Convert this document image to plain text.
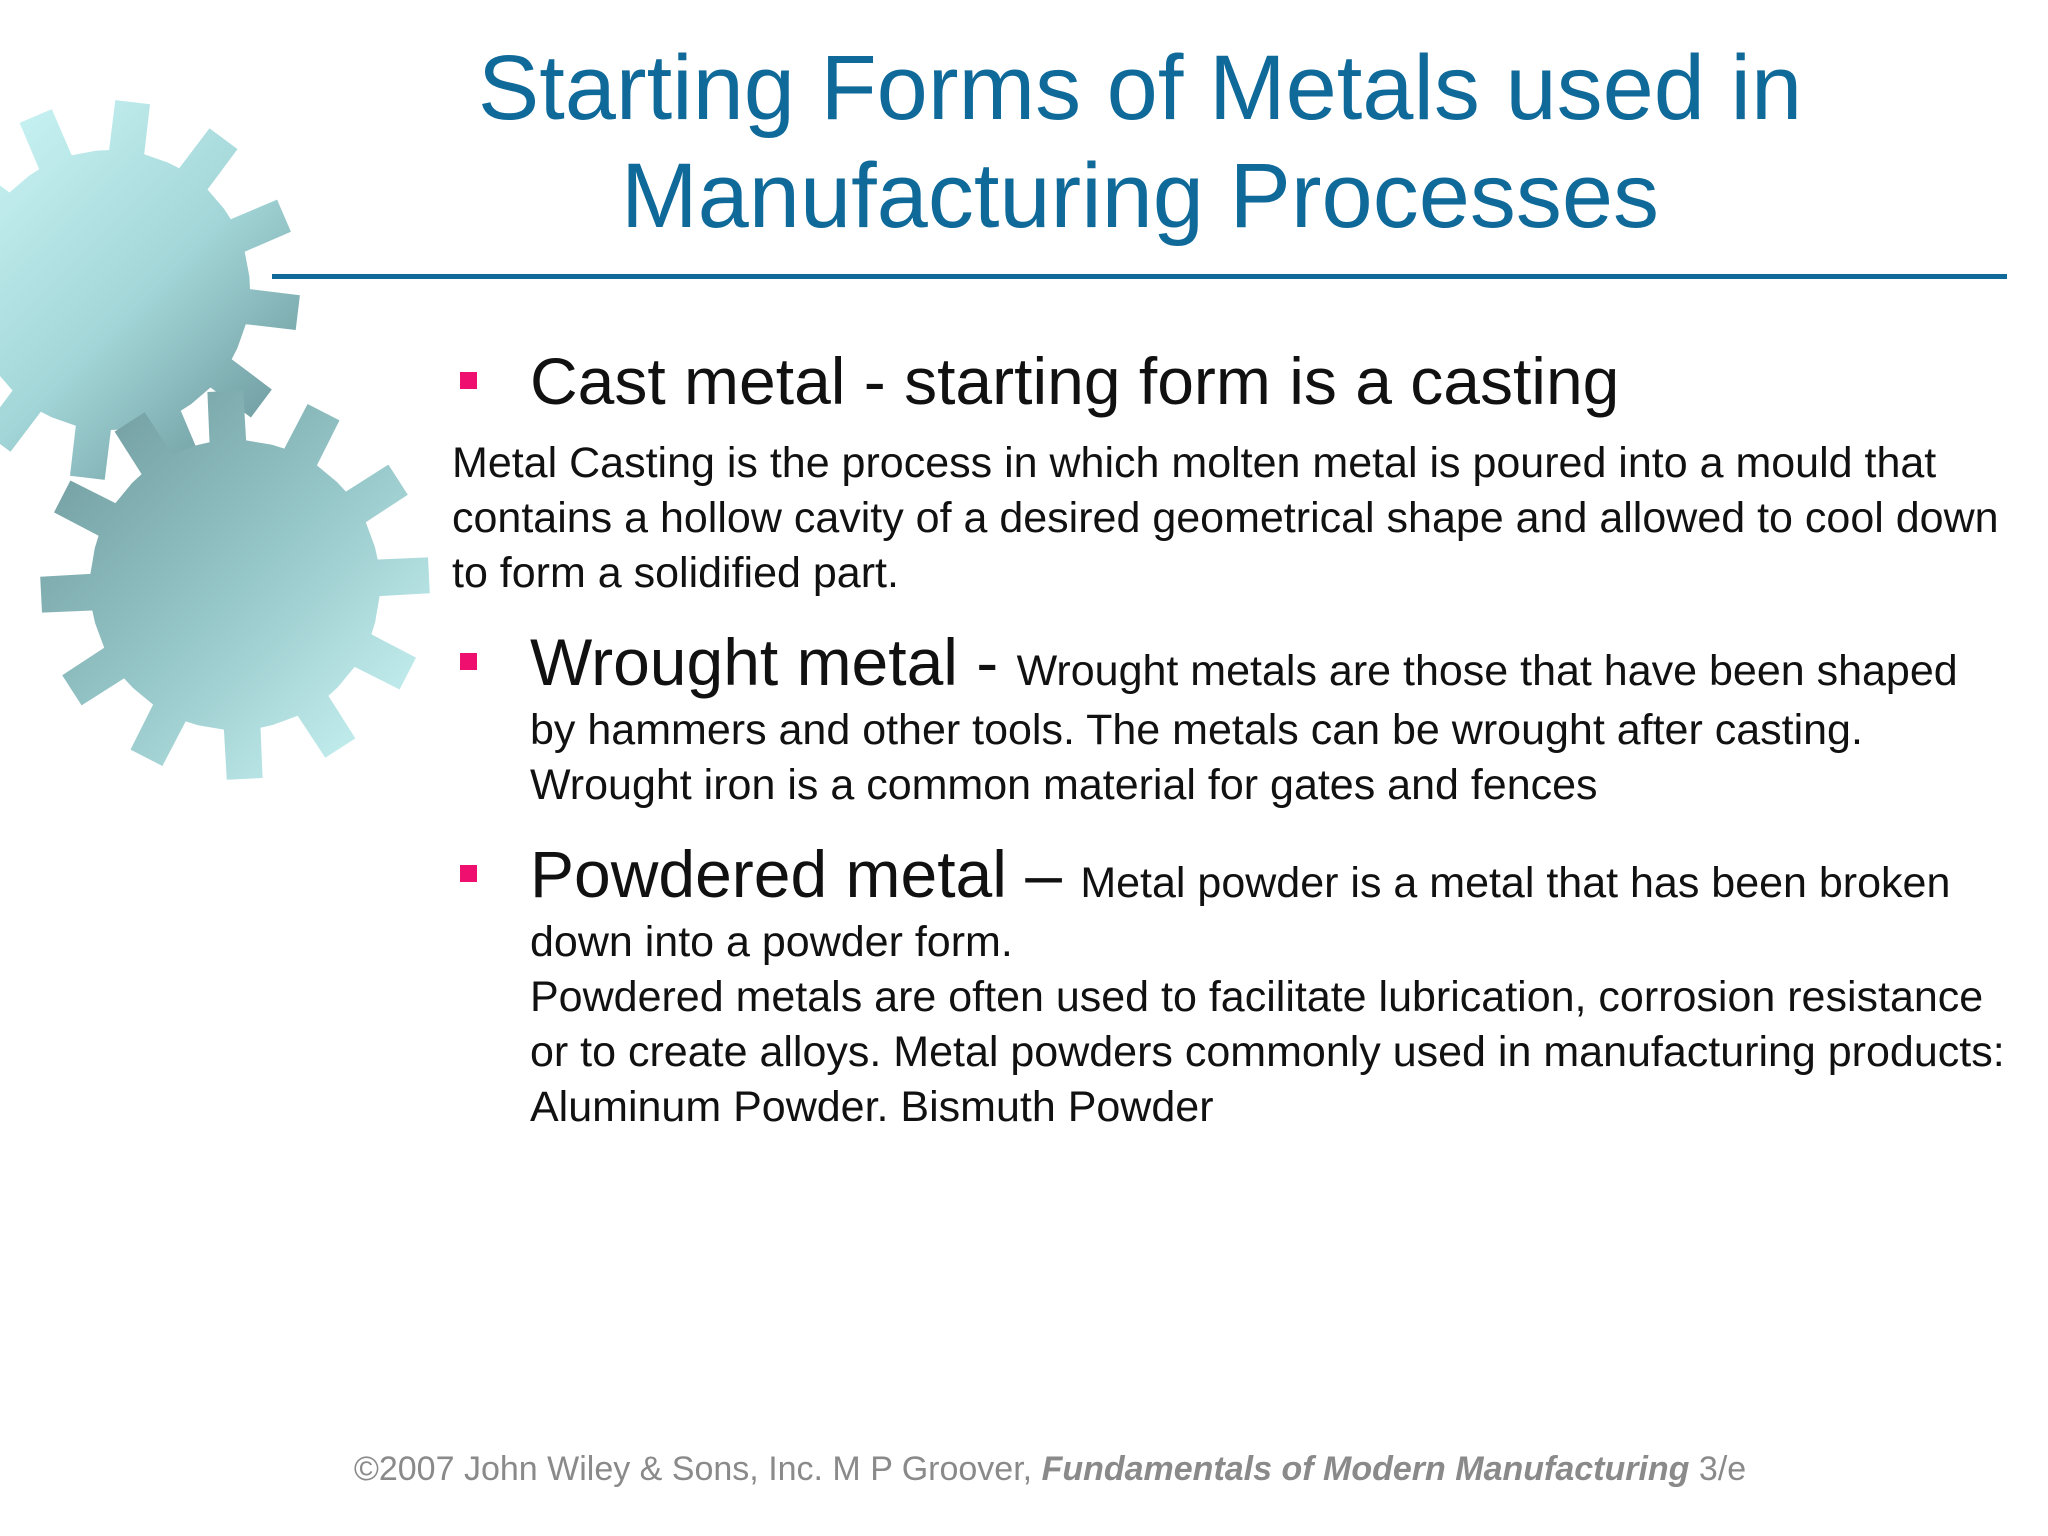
Starting Forms of Metals used in
Manufacturing Processes
Cast metal - starting form is a casting
Metal Casting is the process in which molten metal is poured into a mould that contains a hollow cavity of a desired geometrical shape and allowed to cool down to form a solidified part.
Wrought metal - Wrought metals are those that have been shaped by hammers and other tools. The metals can be wrought after casting. Wrought iron is a common material for gates and fences
Powdered metal – Metal powder is a metal that has been broken down into a powder form.
Powdered metals are often used to facilitate lubrication, corrosion resistance or to create alloys. Metal powders commonly used in manufacturing products: Aluminum Powder. Bismuth Powder
©2007 John Wiley & Sons, Inc. M P Groover, Fundamentals of Modern Manufacturing 3/e
